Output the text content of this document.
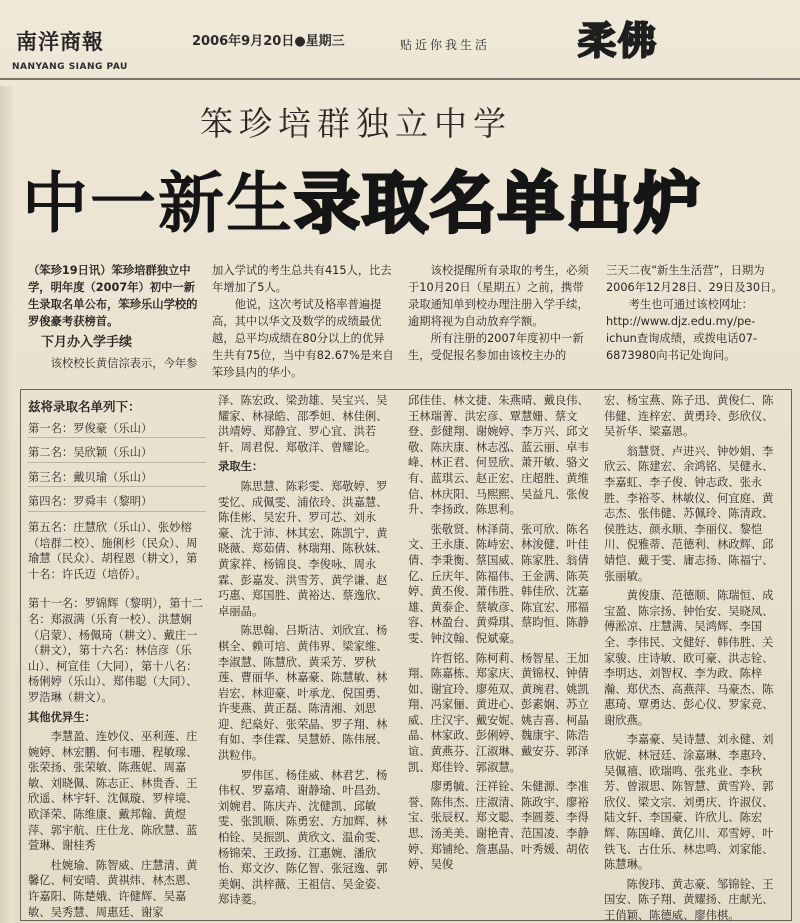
南洋商報
NANYANG SIANG PAU
2006年9月20日●星期三	贴近你我生活 柔佛
笨珍培群独立中学
中一新生录取名单出炉

（笨珍19日讯）笨珍培群独立中学，明年度（2007年）初中一新生录取名单公布，笨珍乐山学校的罗俊豪考获榜首。

下月办入学手续

该校校长黄信淙表示，今年参

加入学试的考生总共有415人，比去年增加了5人。

他说，这次考试及格率普遍提高，其中以华文及数学的成绩最优越，总平均成绩在80分以上的优异生共有75位，当中有82.67%是来自笨珍县内的华小。

该校提醒所有录取的考生，必须于10月20日（星期五）之前，携带录取通知单到校办理注册入学手续，逾期将视为自动放弃学额。

所有注册的2007年度初中一新生，受促报名参加由该校主办的

三天二夜“新生生活营”，日期为2006年12月28日、29日及30日。

考生也可通过该校网址：http://www.djz.edu.my/pe-ichun查询成绩，或拨电话07-6873980向书记处询问。

兹将录取名单列下：

第一名：罗俊豪（乐山）
第二名：吴欣颖（乐山）
第三名：戴贝瑜（乐山）
第四名：罗舜丰（黎明）

第五名：庄慧欣（乐山）、张妙榕（培群二校）、施俐杉（民众）、周瑜慧（民众）、胡程恩（耕文），第十名：许氏迈（培侨）。

第十一名：罗锦辉（黎明），第十二名：郑淑满（乐育一校）、洪慧娴（启蒙）、杨佩琦（耕文）、戴庄一（耕文），第十六名：林信彦（乐山）、柯宣佳（大同），第十八名：杨俐婷（乐山）、郑伟聪（大同）、罗浩琳（耕文）。

其他优异生：

李慧盈、连妙仪、巫利莲、庄婉婷、林宏鹏、何韦珊、程敏瑔、张荣扬、张荣敏、陈燕妮、周嘉敏、刘晓佩、陈志正、林贵香、王欣遥、林宇轩、沈佩璇、罗梓境、欧泽荣、陈维康、戴邦翰、黄煜萍、郭宇航、庄仕龙、陈欣慧、蓝萱琳、谢桂秀

杜婉瑜、陈智威、庄慧清、黄馨亿、柯安晴、黄祺炜、林杰恩、许嘉阳、陈楚娥、许健辉、吴嘉敏、吴秀慧、周惠廷、谢家

泽、陈宏政、梁劲雄、吴宝兴、吴耀家、林禄皓、邵季妲、林佳俐、洪靖婷、郑静宜、罗心宜、洪若轩、周君倪、郑敬洋、曾耀论。

录取生：

陈思慧、陈彩雯、郑敬婷、罗雯忆、成佩雯、浦依玲、洪嘉慧、陈佳彬、吴宏升、罗可芯、刘永豪、沈于沛、林其宏、陈凯宁、黄晓薇、郑茹倩、林瑞翔、陈秋妹、黄家祥、杨锦良、李俊咏、周永霖、彭嘉发、洪雪芳、黄学谦、赵巧惠、郑国胜、黄裕达、蔡逸欣、卓丽晶。

陈思翰、吕斯洁、刘欣宜、杨棋全、赖可培、黄伟界、梁家维、李淑慧、陈慧欣、黄采芳、罗秋莲、曹丽华、林嘉豪、陈慧敏、林岩宏、林迎豪、叶承龙、倪国勇、许斐燕、黄正磊、陈清湘、刘思迎、纪燊好、张荣晶、罗子翔、林有如、李佳霖、吴慧娇、陈伟展、洪粒伟。

罗伟匡、杨佳威、林君艺、杨伟权、罗嘉靖、谢静瑜、叶昌劲、刘婉君、陈庆卉、沈健凯、邱敏雯、张凯顺、陈勇宏、方加辉、林柏铨、吴振凯、黄欣文、温俞雯、杨锦荣、王政扬、江惠婉、潘欣怡、郑文汐、陈亿智、张冠逸、郭美娴、洪梓薇、王祖信、吴金姿、郑诗菱。

邱佳佳、林文捷、朱燕晴、戴良伟、王林瑞菁、洪宏彦、覃慧姗、蔡文登、彭健翔、谢婉婷、李万兴、邱文敬、陈庆康、林志泓、蓝云丽、卓韦峰、林正君、何昱欣、萧开敏、骆文有、蓝琪云、赵正宏、庄超胜、黄维信、林庆阳、马熙熙、吴益凡、张俊升、李扬政、陈思利。

张敬贤、林泽茼、张可欣、陈名文、王永康、陈峙宏、林浚健、叶佳倩、李秉衡、蔡国威、陈家胜、翁倩亿、丘庆年、陈福伟、王金满、陈英婷、黄丕俊、萧伟胜、韩佳欣、沈嘉雄、黄泰企、蔡敏彦、陈宜宏、邢福容、林盈台、黄舜琪、蔡昀恒、陈静雯、钟汶翰、倪斌豪。

许哲铭、陈柯莉、杨智星、王加翔、陈嘉栋、郑家庆、黄锦权、钟倩如、谢宜玲、廖苑双、黄琬君、姚凯翔、冯家俪、黄进心、彭素娴、苏立威、庄汉宇、戴安妮、姚吉喜、柯晶晶、林家政、彭俐婷、魏康宇、陈浩谊、黄燕芬、江淑琳、戴安芬、郭泽凯、郑佳铃、郭淑慧。

廖勇毓、汪祥铨、朱健源、李准誉、陈伟杰、庄淑清、陈政宇、廖裕宝、张辰权、郑文聪、李圆菱、李得思、汤美美、谢艳青、范国凌、李静婷、郑铺纶、詹惠晶、叶秀媛、胡依婷、吴俊

宏、杨宝燕、陈子迅、黄俊仁、陈伟健、连梓宏、黄勇玲、彭欣仪、吴祈华、梁嘉恩。

翁慧贤、卢进兴、钟妙娟、李欣云、陈建宏、余鸿铭、吴健永、李嘉虹、李子俊、钟志政、张永胜、李裕苓、林敏仪、何宜庭、黄志杰、张伟健、苏佩玲、陈清政、侯胜达、颜永顺、李丽仪、黎恺川、倪雅蒂、范德利、林政辉、邱婧恺、戴于雯、庸志扬、陈福宁、张丽敏。

黄俊康、范德顺、陈瑞恒、成宝盈、陈宗扬、钟怡安、吴晓凤、傅淞凉、庄慧满、吴鸿辉、李国全、李伟民、文健好、韩伟胜、关家骏、庄诗敏、欧可豪、洪志铨、李明达、刘智权、李为政、陈梓瀚、郑伏杰、高燕萍、马豪杰、陈惠琦、覃勇达、彭心仪、罗家竞、谢欣燕。

李嘉豪、吴诗慧、刘永健、刘欣妮、林冠廷、涂嘉琳、李惠玲、吴佩禧、欧瑞鸣、张兆业、李秋芳、曾淑思、陈智慧、黄雪羚、郭欣仪、梁文宗、刘勇庆、许淑仪、陆文轩、李国豪、许欣儿、陈宏辉、陈国峰、黄亿川、邓雪婷、叶铁飞、古仕乐、林忠鸣、刘家能、陈慧琳。

陈俊玮、黄志豪、邹锦铨、王国安、陈子翔、黄耀扬、庄献光、王俏颖、陈德威、廖伟棋。
